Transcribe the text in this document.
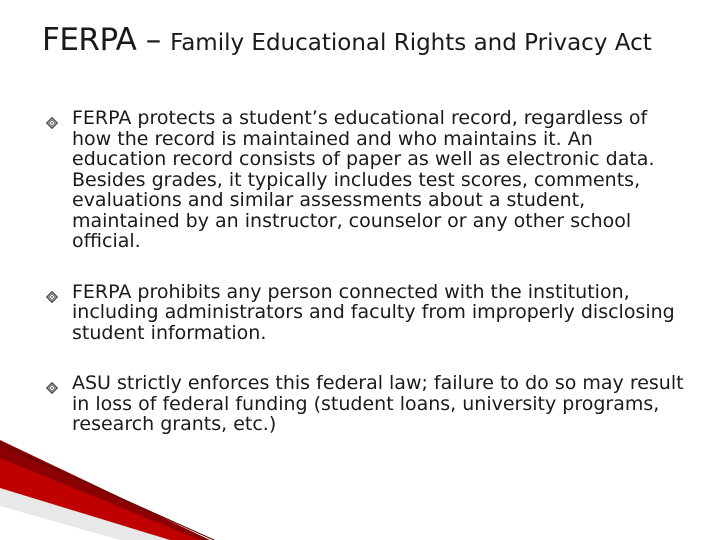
FERPA – Family Educational Rights and Privacy Act
FERPA protects a student’s educational record, regardless of how the record is maintained and who maintains it. An education record consists of paper as well as electronic data. Besides grades, it typically includes test scores, comments, evaluations and similar assessments about a student, maintained by an instructor, counselor or any other school official.
FERPA prohibits any person connected with the institution, including administrators and faculty from improperly disclosing student information.
ASU strictly enforces this federal law; failure to do so may result in loss of federal funding (student loans, university programs, research grants, etc.)
